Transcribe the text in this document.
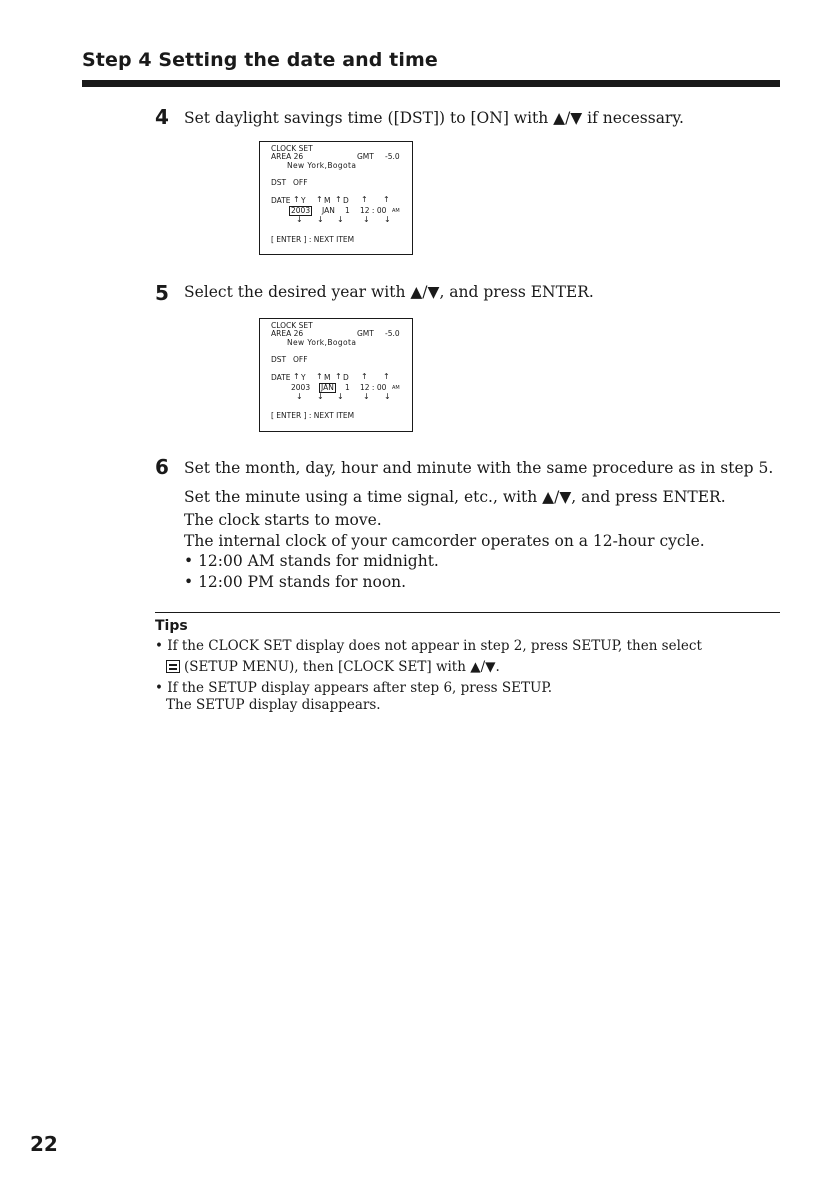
Step 4 Setting the date and time
4 Set daylight savings time ([DST]) to [ON] with ▲/▼ if necessary.
CLOCK SET
AREA 26	GMT -5.0
New York,Bogota
DST OFF
DATE ↑ Y ↑ M ↑ D ↑ ↑
2003 JAN 1 12 : 00 AM
↓ ↓ ↓ ↓ ↓
[ ENTER ] : NEXT ITEM
5 Select the desired year with ▲/▼, and press ENTER.
CLOCK SET
AREA 26	GMT -5.0
New York,Bogota
DST OFF
DATE ↑ Y ↑ M ↑ D ↑ ↑
2003 JAN 1 12 : 00 AM
↓ ↓ ↓ ↓ ↓
[ ENTER ] : NEXT ITEM
6 Set the month, day, hour and minute with the same procedure as in step 5.
Set the minute using a time signal, etc., with ▲/▼, and press ENTER.
The clock starts to move.
The internal clock of your camcorder operates on a 12-hour cycle.
• 12:00 AM stands for midnight.
• 12:00 PM stands for noon.
Tips
• If the CLOCK SET display does not appear in step 2, press SETUP, then select
(SETUP MENU), then [CLOCK SET] with ▲/▼.
• If the SETUP display appears after step 6, press SETUP.
The SETUP display disappears.
22
